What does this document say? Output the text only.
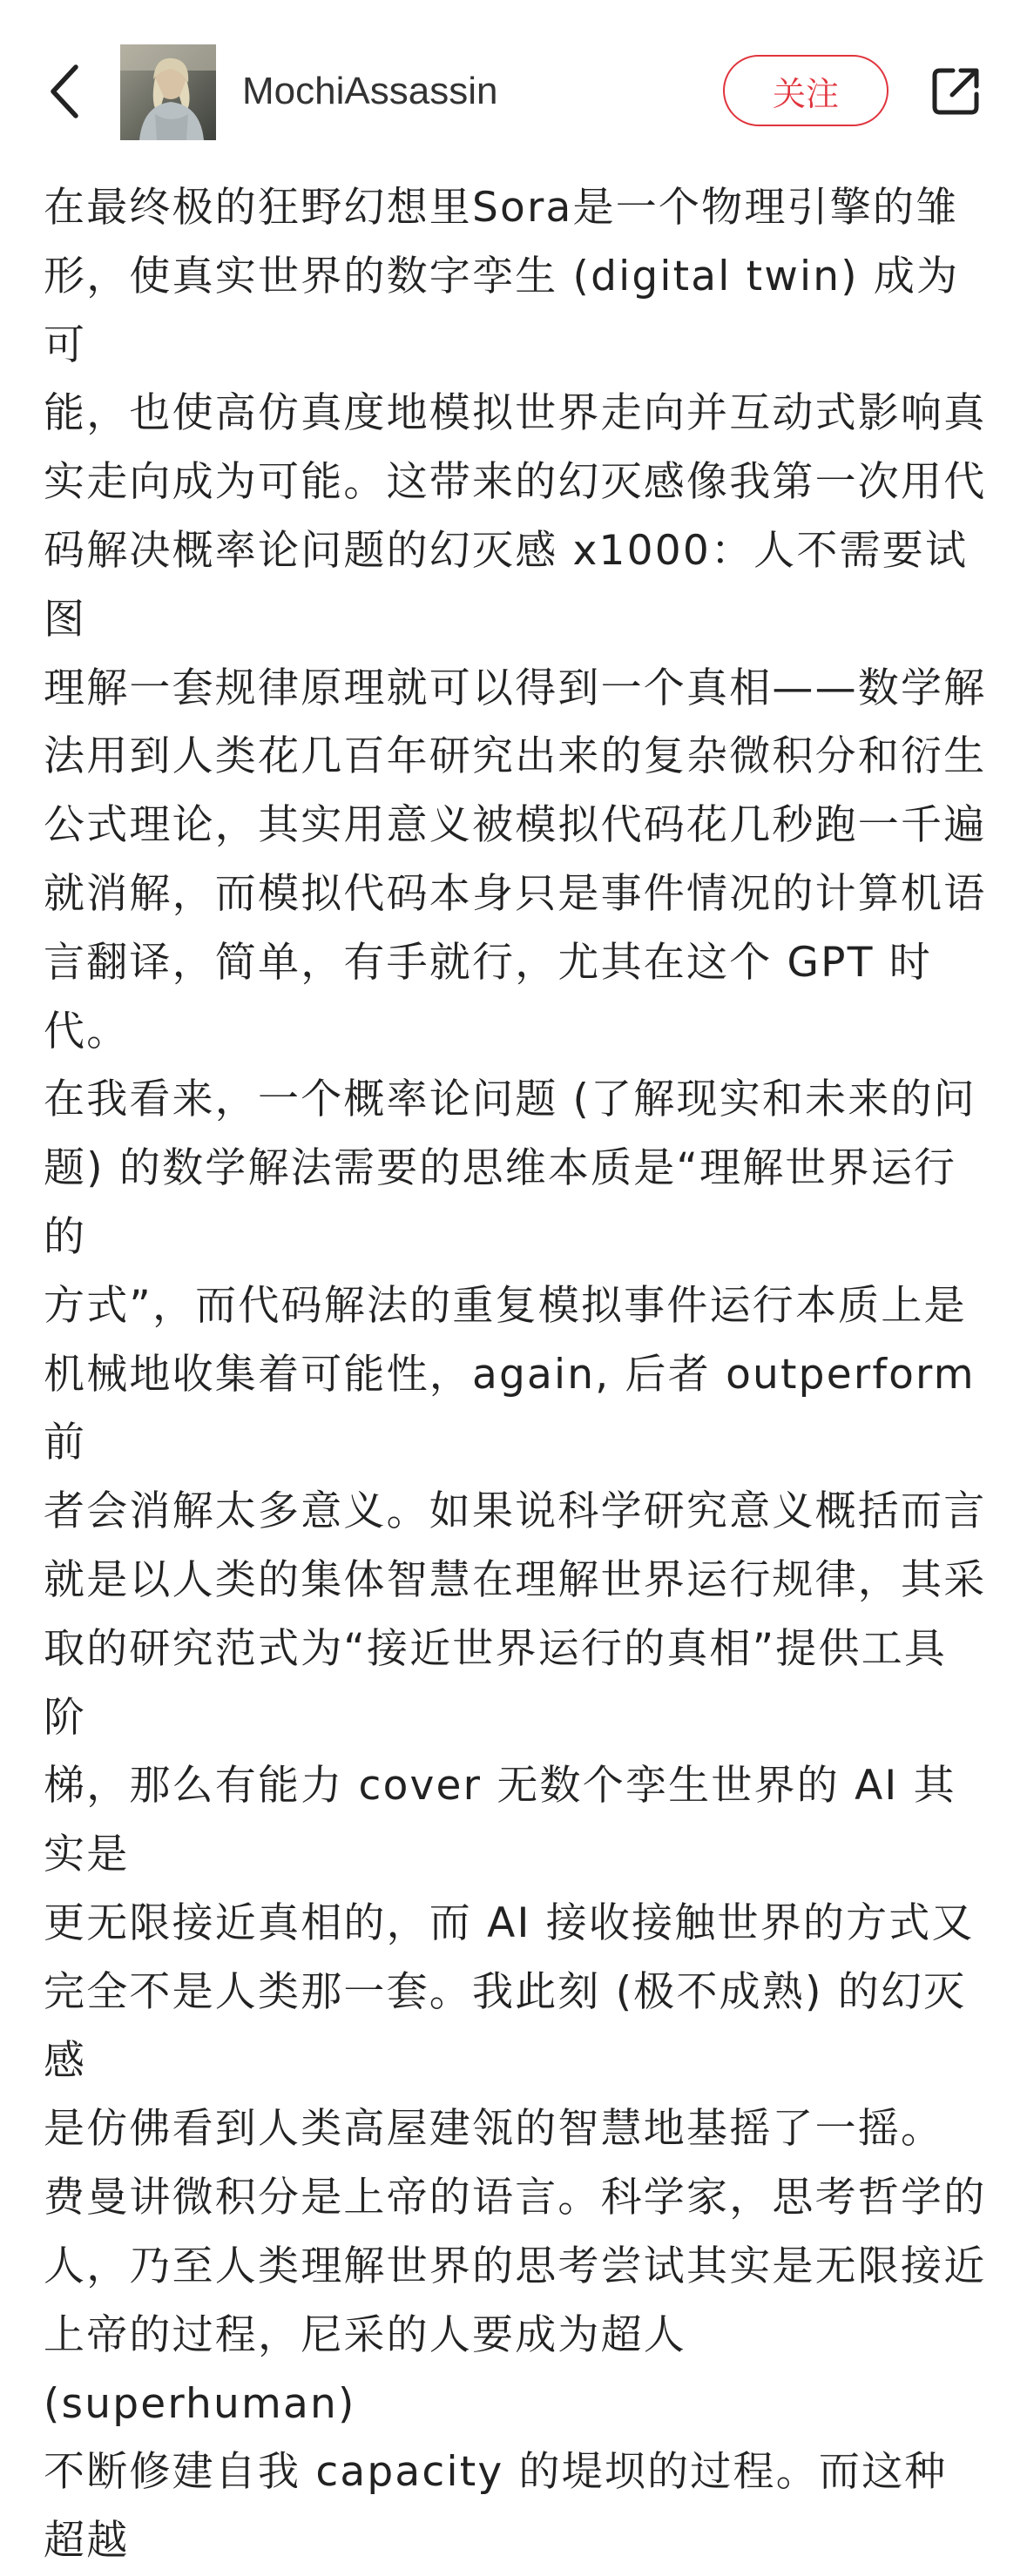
MochiAssassin	关注

在最终极的狂野幻想里Sora是一个物理引擎的雏
形，使真实世界的数字孪生 (digital twin) 成为可
能，也使高仿真度地模拟世界走向并互动式影响真
实走向成为可能。这带来的幻灭感像我第一次用代
码解决概率论问题的幻灭感 x1000：人不需要试图
理解一套规律原理就可以得到一个真相——数学解
法用到人类花几百年研究出来的复杂微积分和衍生
公式理论，其实用意义被模拟代码花几秒跑一千遍
就消解，而模拟代码本身只是事件情况的计算机语
言翻译，简单，有手就行，尤其在这个 GPT 时代。
在我看来，一个概率论问题 (了解现实和未来的问
题) 的数学解法需要的思维本质是“理解世界运行的
方式”，而代码解法的重复模拟事件运行本质上是
机械地收集着可能性，again, 后者 outperform 前
者会消解太多意义。如果说科学研究意义概括而言
就是以人类的集体智慧在理解世界运行规律，其采
取的研究范式为“接近世界运行的真相”提供工具阶
梯，那么有能力 cover 无数个孪生世界的 AI 其实是
更无限接近真相的，而 AI 接收接触世界的方式又
完全不是人类那一套。我此刻 (极不成熟) 的幻灭感
是仿佛看到人类高屋建瓴的智慧地基摇了一摇。
费曼讲微积分是上帝的语言。科学家，思考哲学的
人，乃至人类理解世界的思考尝试其实是无限接近
上帝的过程，尼采的人要成为超人 (superhuman)
不断修建自我 capacity 的堤坝的过程。而这种超越
